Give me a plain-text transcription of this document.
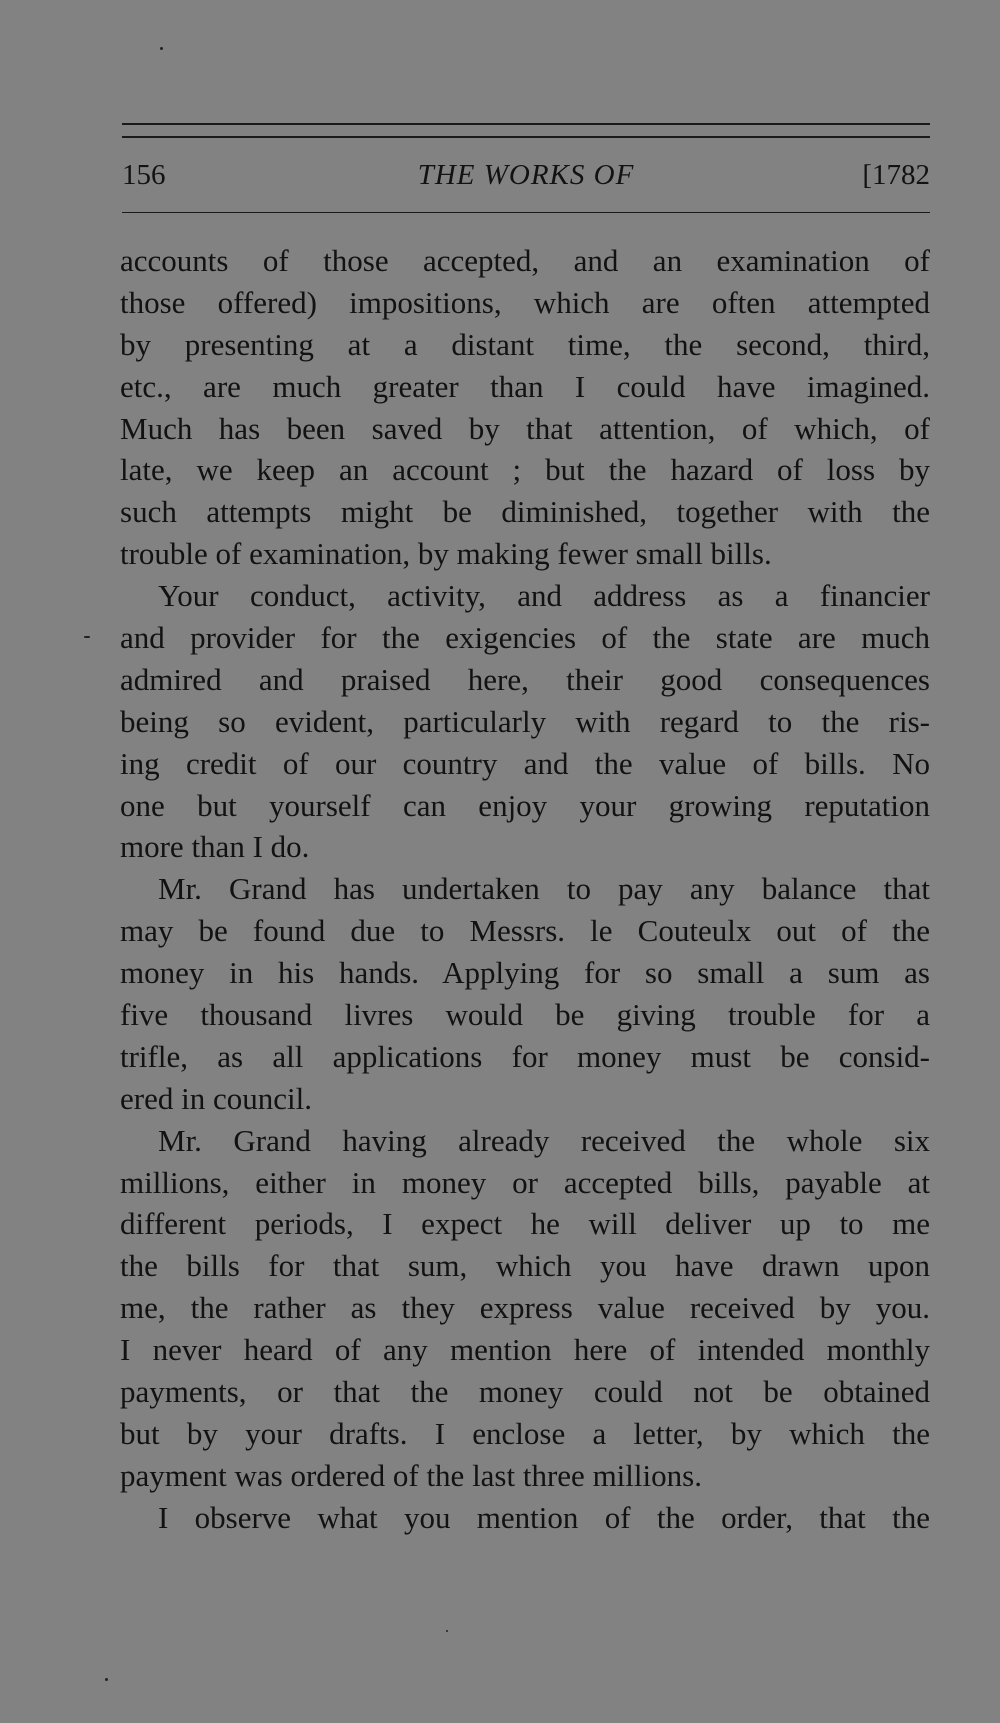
156	THE WORKS OF	[1782
accounts of those accepted, and an examination of
those offered) impositions, which are often attempted
by presenting at a distant time, the second, third,
etc., are much greater than I could have imagined.
Much has been saved by that attention, of which, of
late, we keep an account ; but the hazard of loss by
such attempts might be diminished, together with the
trouble of examination, by making fewer small bills.
Your conduct, activity, and address as a financier
and provider for the exigencies of the state are much
admired and praised here, their good consequences
being so evident, particularly with regard to the ris-
ing credit of our country and the value of bills. No
one but yourself can enjoy your growing reputation
more than I do.
Mr. Grand has undertaken to pay any balance that
may be found due to Messrs. le Couteulx out of the
money in his hands. Applying for so small a sum as
five thousand livres would be giving trouble for a
trifle, as all applications for money must be consid-
ered in council.
Mr. Grand having already received the whole six
millions, either in money or accepted bills, payable at
different periods, I expect he will deliver up to me
the bills for that sum, which you have drawn upon
me, the rather as they express value received by you.
I never heard of any mention here of intended monthly
payments, or that the money could not be obtained
but by your drafts. I enclose a letter, by which the
payment was ordered of the last three millions.
I observe what you mention of the order, that the
